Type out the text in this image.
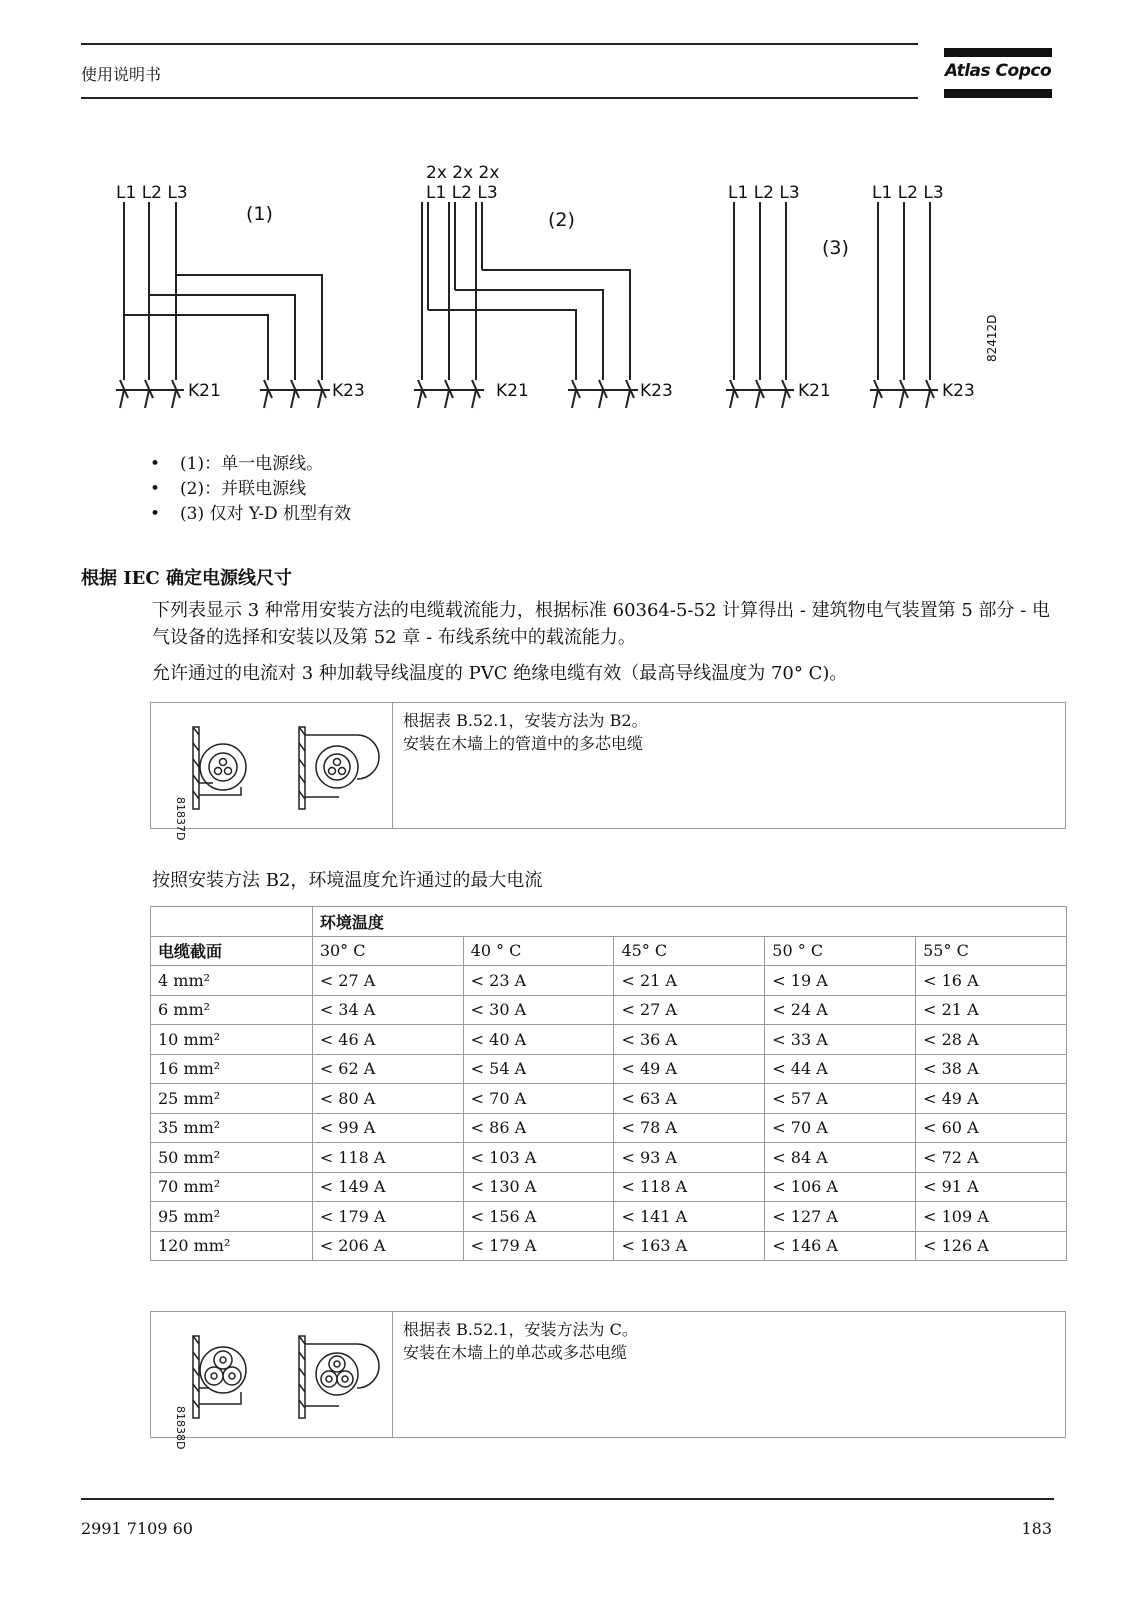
使用说明书	Atlas Copco
L1 L2 L3
(1)
K21	K23
2x 2x 2x
L1 L2 L3
(2)
K21	K23
L1 L2 L3	L1 L2 L3
(3)
K21	K23
82412D
•	(1)：单一电源线。
•	(2)：并联电源线
•	(3) 仅对 Y-D 机型有效
根据 IEC 确定电源线尺寸
下列表显示 3 种常用安装方法的电缆载流能力，根据标准 60364-5-52 计算得出 - 建筑物电气装置第 5 部分 - 电气设备的选择和安装以及第 52 章 - 布线系统中的载流能力。
允许通过的电流对 3 种加载导线温度的 PVC 绝缘电缆有效（最高导线温度为 70° C)。
81837D
根据表 B.52.1，安装方法为 B2。
安装在木墙上的管道中的多芯电缆
按照安装方法 B2，环境温度允许通过的最大电流
	环境温度				
电缆截面	30° C	40 ° C	45° C	50 ° C	55° C
4 mm²	< 27 A	< 23 A	< 21 A	< 19 A	< 16 A
6 mm²	< 34 A	< 30 A	< 27 A	< 24 A	< 21 A
10 mm²	< 46 A	< 40 A	< 36 A	< 33 A	< 28 A
16 mm²	< 62 A	< 54 A	< 49 A	< 44 A	< 38 A
25 mm²	< 80 A	< 70 A	< 63 A	< 57 A	< 49 A
35 mm²	< 99 A	< 86 A	< 78 A	< 70 A	< 60 A
50 mm²	< 118 A	< 103 A	< 93 A	< 84 A	< 72 A
70 mm²	< 149 A	< 130 A	< 118 A	< 106 A	< 91 A
95 mm²	< 179 A	< 156 A	< 141 A	< 127 A	< 109 A
120 mm²	< 206 A	< 179 A	< 163 A	< 146 A	< 126 A
81838D
根据表 B.52.1，安装方法为 C。
安装在木墙上的单芯或多芯电缆
2991 7109 60	183
